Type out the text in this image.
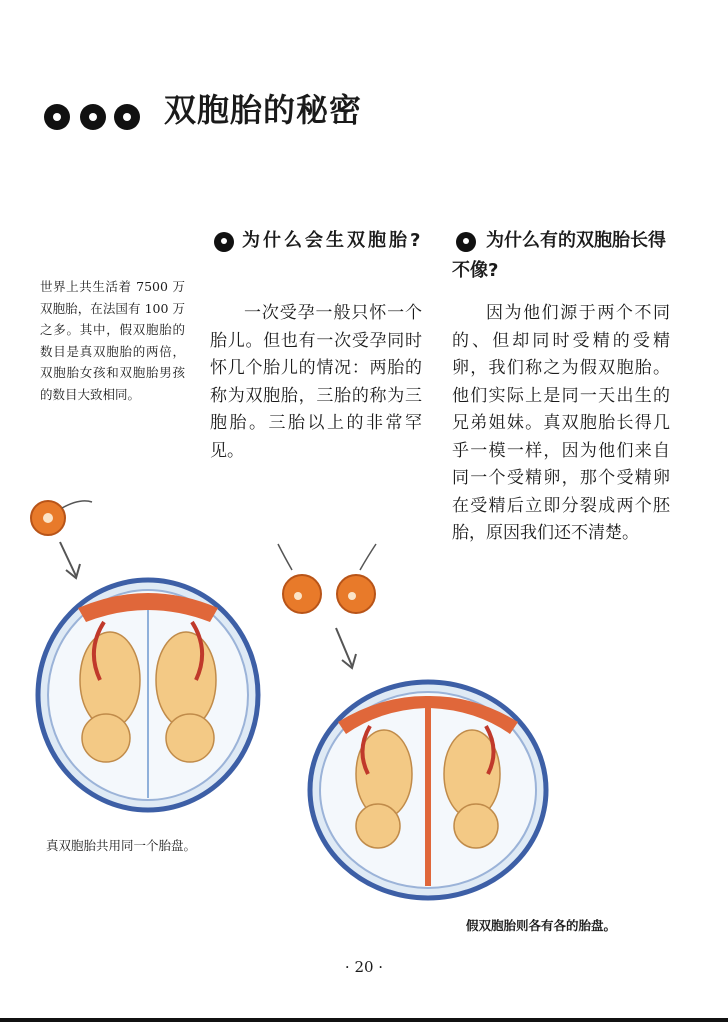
双胞胎的秘密
世界上共生活着 7500 万双胞胎，在法国有 100 万之多。其中，假双胞胎的数目是真双胞胎的两倍，双胞胎女孩和双胞胎男孩的数目大致相同。
为什么会生双胞胎?
一次受孕一般只怀一个胎儿。但也有一次受孕同时怀几个胎儿的情况：两胎的称为双胞胎，三胎的称为三胞胎。三胎以上的非常罕见。
为什么有的双胞胎长得不像?
因为他们源于两个不同的、但却同时受精的受精卵，我们称之为假双胞胎。他们实际上是同一天出生的兄弟姐妹。真双胞胎长得几乎一模一样，因为他们来自同一个受精卵，那个受精卵在受精后立即分裂成两个胚胎，原因我们还不清楚。
真双胞胎共用同一个胎盘。
假双胞胎则各有各的胎盘。
· 20 ·
